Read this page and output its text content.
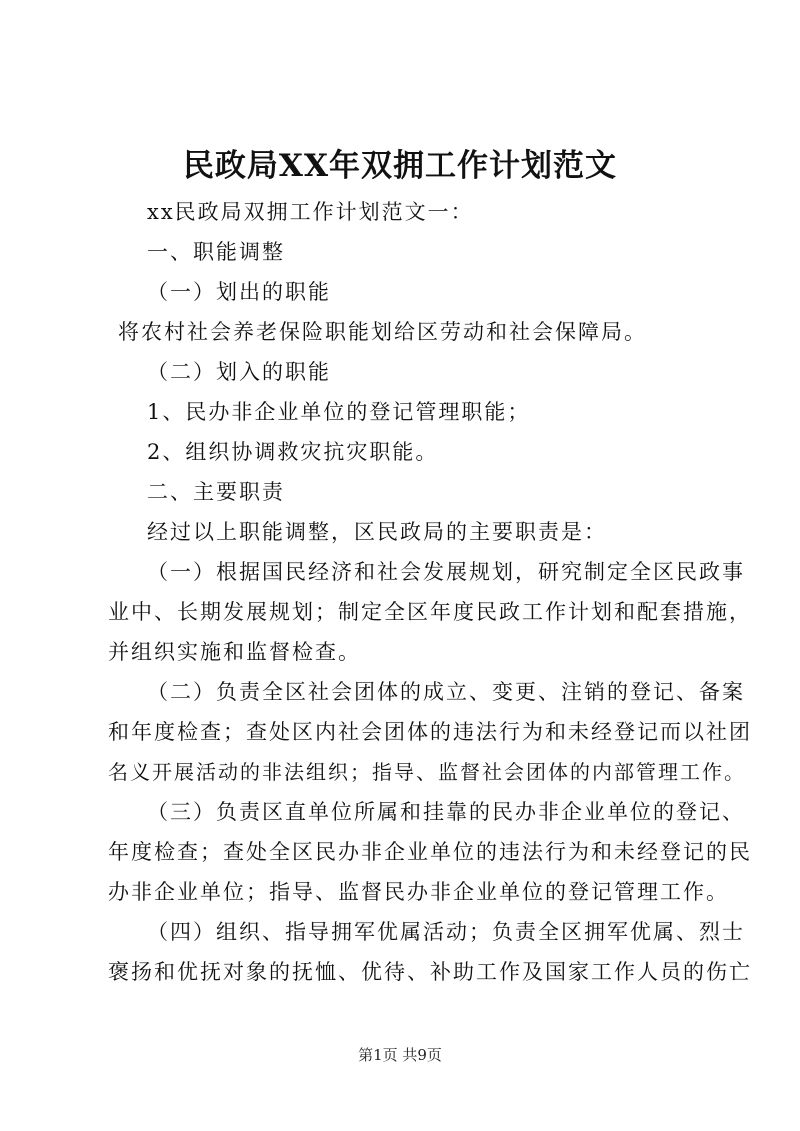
民政局XX年双拥工作计划范文

xx民政局双拥工作计划范文一：

一、职能调整

（一）划出的职能

将农村社会养老保险职能划给区劳动和社会保障局。

（二）划入的职能

1、民办非企业单位的登记管理职能；

2、组织协调救灾抗灾职能。

二、主要职责

经过以上职能调整，区民政局的主要职责是：

（一）根据国民经济和社会发展规划，研究制定全区民政事

业中、长期发展规划；制定全区年度民政工作计划和配套措施，

并组织实施和监督检查。

（二）负责全区社会团体的成立、变更、注销的登记、备案

和年度检查；查处区内社会团体的违法行为和未经登记而以社团

名义开展活动的非法组织；指导、监督社会团体的内部管理工作。

（三）负责区直单位所属和挂靠的民办非企业单位的登记、

年度检查；查处全区民办非企业单位的违法行为和未经登记的民

办非企业单位；指导、监督民办非企业单位的登记管理工作。

（四）组织、指导拥军优属活动；负责全区拥军优属、烈士

褒扬和优抚对象的抚恤、优待、补助工作及国家工作人员的伤亡

第1页 共9页
